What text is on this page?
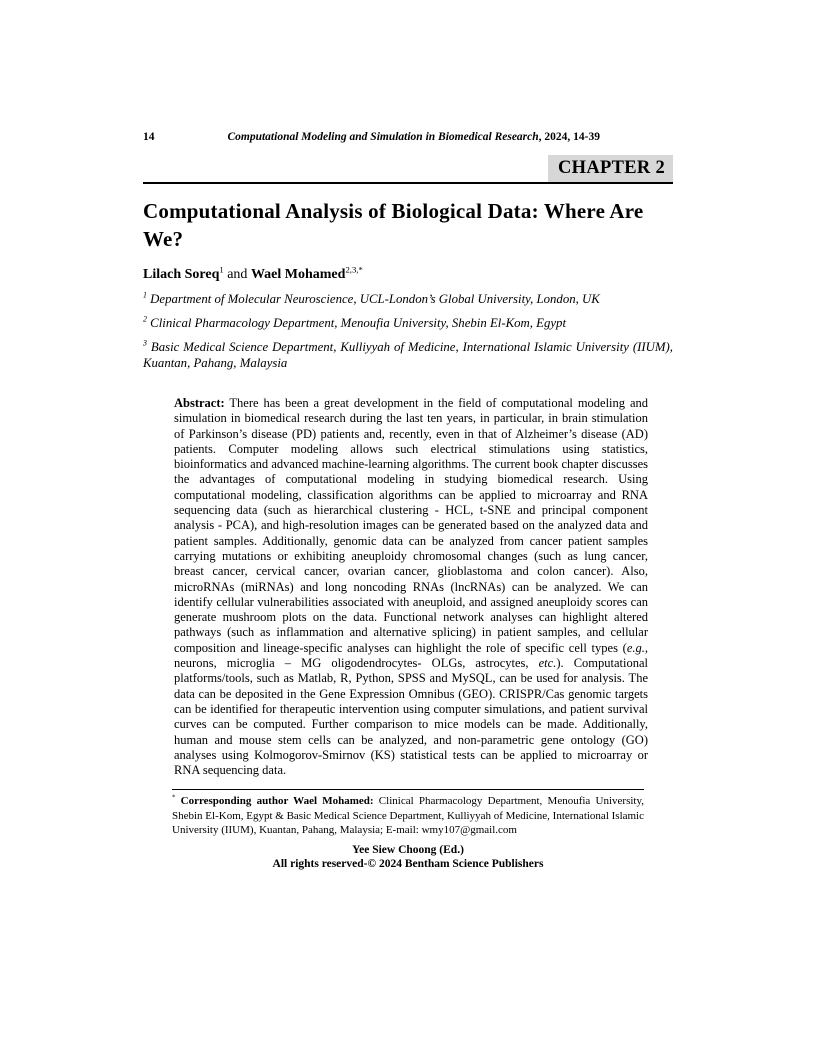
14	Computational Modeling and Simulation in Biomedical Research, 2024, 14-39
CHAPTER 2
Computational Analysis of Biological Data: Where Are We?

Lilach Soreq$^1$ and Wael Mohamed$^{2,3,*}$

$^1$ Department of Molecular Neuroscience, UCL-London’s Global University, London, UK

$^2$ Clinical Pharmacology Department, Menoufia University, Shebin El-Kom, Egypt

$^3$ Basic Medical Science Department, Kulliyyah of Medicine, International Islamic University (IIUM), Kuantan, Pahang, Malaysia

Abstract: There has been a great development in the field of computational modeling and simulation in biomedical research during the last ten years, in particular, in brain stimulation of Parkinson’s disease (PD) patients and, recently, even in that of Alzheimer’s disease (AD) patients. Computer modeling allows such electrical stimulations using statistics, bioinformatics and advanced machine-learning algorithms. The current book chapter discusses the advantages of computational modeling in studying biomedical research. Using computational modeling, classification algorithms can be applied to microarray and RNA sequencing data (such as hierarchical clustering - HCL, t-SNE and principal component analysis - PCA), and high-resolution images can be generated based on the analyzed data and patient samples. Additionally, genomic data can be analyzed from cancer patient samples carrying mutations or exhibiting aneuploidy chromosomal changes (such as lung cancer, breast cancer, cervical cancer, ovarian cancer, glioblastoma and colon cancer). Also, microRNAs (miRNAs) and long noncoding RNAs (lncRNAs) can be analyzed. We can identify cellular vulnerabilities associated with aneuploid, and assigned aneuploidy scores can generate mushroom plots on the data. Functional network analyses can highlight altered pathways (such as inflammation and alternative splicing) in patient samples, and cellular composition and lineage-specific analyses can highlight the role of specific cell types (e.g., neurons, microglia – MG oligodendrocytes- OLGs, astrocytes, etc.). Computational platforms/tools, such as Matlab, R, Python, SPSS and MySQL, can be used for analysis. The data can be deposited in the Gene Expression Omnibus (GEO). CRISPR/Cas genomic targets can be identified for therapeutic intervention using computer simulations, and patient survival curves can be computed. Further comparison to mice models can be made. Additionally, human and mouse stem cells can be analyzed, and non-parametric gene ontology (GO) analyses using Kolmogorov-Smirnov (KS) statistical tests can be applied to microarray or RNA sequencing data.
* Corresponding author Wael Mohamed: Clinical Pharmacology Department, Menoufia University, Shebin El-Kom, Egypt & Basic Medical Science Department, Kulliyyah of Medicine, International Islamic University (IIUM), Kuantan, Pahang, Malaysia; E-mail: wmy107@gmail.com
Yee Siew Choong (Ed.)
All rights reserved-© 2024 Bentham Science Publishers
